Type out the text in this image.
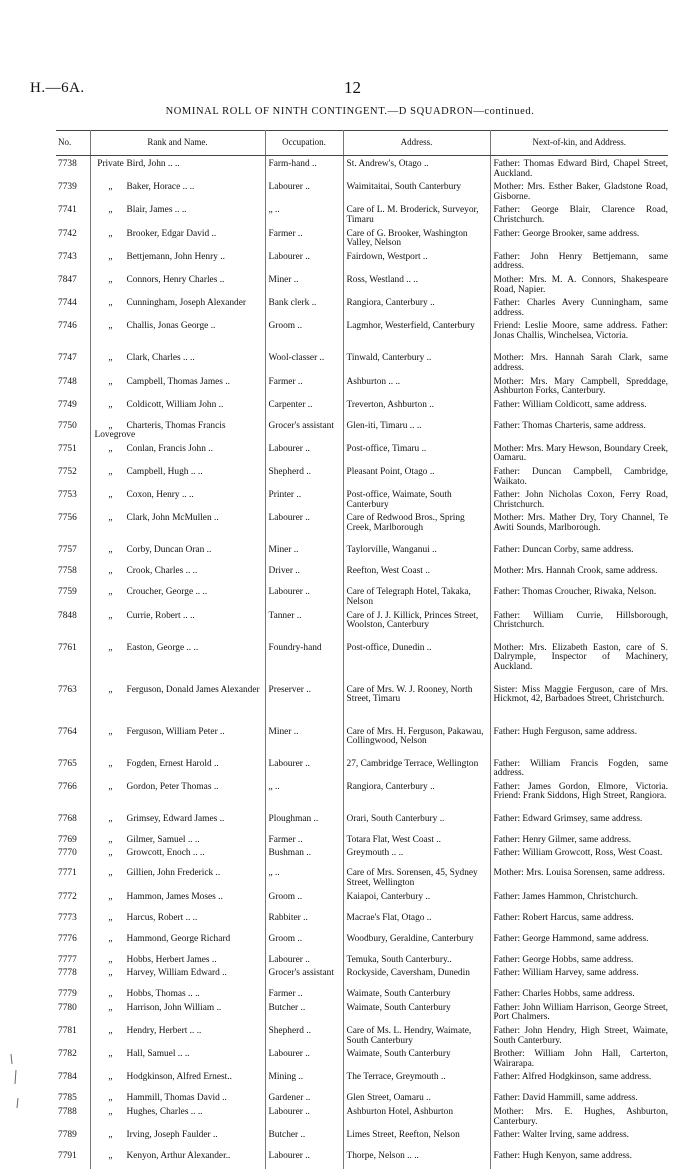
H.—6A.	12
NOMINAL ROLL OF NINTH CONTINGENT.—D SQUADRON—continued.
No.	Rank and Name.	Occupation.	Address.	Next-of-kin, and Address.
7738	Private Bird, John .. ..	Farm-hand ..	St. Andrew's, Otago ..	Father: Thomas Edward Bird, Chapel Street, Auckland.
7739	„ Baker, Horace .. ..	Labourer ..	Waimitaitai, South Canterbury	Mother: Mrs. Esther Baker, Gladstone Road, Gisborne.
7741	„ Blair, James .. ..	„ ..	Care of L. M. Broderick, Surveyor, Timaru	Father: George Blair, Clarence Road, Christchurch.
7742	„ Brooker, Edgar David ..	Farmer ..	Care of G. Brooker, Washington Valley, Nelson	Father: George Brooker, same address.
7743	„ Bettjemann, John Henry ..	Labourer ..	Fairdown, Westport ..	Father: John Henry Bettjemann, same address.
7847	„ Connors, Henry Charles ..	Miner ..	Ross, Westland .. ..	Mother: Mrs. M. A. Connors, Shakespeare Road, Napier.
7744	„ Cunningham, Joseph Alexander	Bank clerk ..	Rangiora, Canterbury ..	Father: Charles Avery Cunningham, same address.
7746	„ Challis, Jonas George ..	Groom ..	Lagmhor, Westerfield, Canterbury	Friend: Leslie Moore, same address. Father: Jonas Challis, Winchelsea, Victoria.
7747	„ Clark, Charles .. ..	Wool-classer ..	Tinwald, Canterbury ..	Mother: Mrs. Hannah Sarah Clark, same address.
7748	„ Campbell, Thomas James ..	Farmer ..	Ashburton .. ..	Mother: Mrs. Mary Campbell, Spreddage, Ashburton Forks, Canterbury.
7749	„ Coldicott, William John ..	Carpenter ..	Treverton, Ashburton ..	Father: William Coldicott, same address.
7750	„ Charteris, Thomas Francis Lovegrove	Grocer's assistant	Glen-iti, Timaru .. ..	Father: Thomas Charteris, same address.
7751	„ Conlan, Francis John ..	Labourer ..	Post-office, Timaru ..	Mother: Mrs. Mary Hewson, Boundary Creek, Oamaru.
7752	„ Campbell, Hugh .. ..	Shepherd ..	Pleasant Point, Otago ..	Father: Duncan Campbell, Cambridge, Waikato.
7753	„ Coxon, Henry .. ..	Printer ..	Post-office, Waimate, South Canterbury	Father: John Nicholas Coxon, Ferry Road, Christchurch.
7756	„ Clark, John McMullen ..	Labourer ..	Care of Redwood Bros., Spring Creek, Marlborough	Mother: Mrs. Mather Dry, Tory Channel, Te Awiti Sounds, Marlborough.
7757	„ Corby, Duncan Oran ..	Miner ..	Taylorville, Wanganui ..	Father: Duncan Corby, same address.
7758	„ Crook, Charles .. ..	Driver ..	Reefton, West Coast ..	Mother: Mrs. Hannah Crook, same address.
7759	„ Croucher, George .. ..	Labourer ..	Care of Telegraph Hotel, Takaka, Nelson	Father: Thomas Croucher, Riwaka, Nelson.
7848	„ Currie, Robert .. ..	Tanner ..	Care of J. J. Killick, Princes Street, Woolston, Canterbury	Father: William Currie, Hillsborough, Christchurch.
7761	„ Easton, George .. ..	Foundry-hand	Post-office, Dunedin ..	Mother: Mrs. Elizabeth Easton, care of S. Dalrymple, Inspector of Machinery, Auckland.
7763	„ Ferguson, Donald James Alexander	Preserver ..	Care of Mrs. W. J. Rooney, North Street, Timaru	Sister: Miss Maggie Ferguson, care of Mrs. Hickmot, 42, Barbadoes Street, Christchurch.
7764	„ Ferguson, William Peter ..	Miner ..	Care of Mrs. H. Ferguson, Pakawau, Collingwood, Nelson	Father: Hugh Ferguson, same address.
7765	„ Fogden, Ernest Harold ..	Labourer ..	27, Cambridge Terrace, Wellington	Father: William Francis Fogden, same address.
7766	„ Gordon, Peter Thomas ..	„ ..	Rangiora, Canterbury ..	Father: James Gordon, Elmore, Victoria. Friend: Frank Siddons, High Street, Rangiora.
7768	„ Grimsey, Edward James ..	Ploughman ..	Orari, South Canterbury ..	Father: Edward Grimsey, same address.
7769	„ Gilmer, Samuel .. ..	Farmer ..	Totara Flat, West Coast ..	Father: Henry Gilmer, same address.
7770	„ Growcott, Enoch .. ..	Bushman ..	Greymouth .. ..	Father: William Growcott, Ross, West Coast.
7771	„ Gillien, John Frederick ..	„ ..	Care of Mrs. Sorensen, 45, Sydney Street, Wellington	Mother: Mrs. Louisa Sorensen, same address.
7772	„ Hammon, James Moses ..	Groom ..	Kaiapoi, Canterbury ..	Father: James Hammon, Christchurch.
7773	„ Harcus, Robert .. ..	Rabbiter ..	Macrae's Flat, Otago ..	Father: Robert Harcus, same address.
7776	„ Hammond, George Richard	Groom ..	Woodbury, Geraldine, Canterbury	Father: George Hammond, same address.
7777	„ Hobbs, Herbert James ..	Labourer ..	Temuka, South Canterbury..	Father: George Hobbs, same address.
7778	„ Harvey, William Edward ..	Grocer's assistant	Rockyside, Caversham, Dunedin	Father: William Harvey, same address.
7779	„ Hobbs, Thomas .. ..	Farmer ..	Waimate, South Canterbury	Father: Charles Hobbs, same address.
7780	„ Harrison, John William ..	Butcher ..	Waimate, South Canterbury	Father: John William Harrison, George Street, Port Chalmers.
7781	„ Hendry, Herbert .. ..	Shepherd ..	Care of Ms. L. Hendry, Waimate, South Canterbury	Father: John Hendry, High Street, Waimate, South Canterbury.
7782	„ Hall, Samuel .. ..	Labourer ..	Waimate, South Canterbury	Brother: William John Hall, Carterton, Wairarapa.
7784	„ Hodgkinson, Alfred Ernest..	Mining ..	The Terrace, Greymouth ..	Father: Alfred Hodgkinson, same address.
7785	„ Hammill, Thomas David ..	Gardener ..	Glen Street, Oamaru ..	Father: David Hammill, same address.
7788	„ Hughes, Charles .. ..	Labourer ..	Ashburton Hotel, Ashburton	Mother: Mrs. E. Hughes, Ashburton, Canterbury.
7789	„ Irving, Joseph Faulder ..	Butcher ..	Limes Street, Reefton, Nelson	Father: Walter Irving, same address.
7791	„ Kenyon, Arthur Alexander..	Labourer ..	Thorpe, Nelson .. ..	Father: Hugh Kenyon, same address.
